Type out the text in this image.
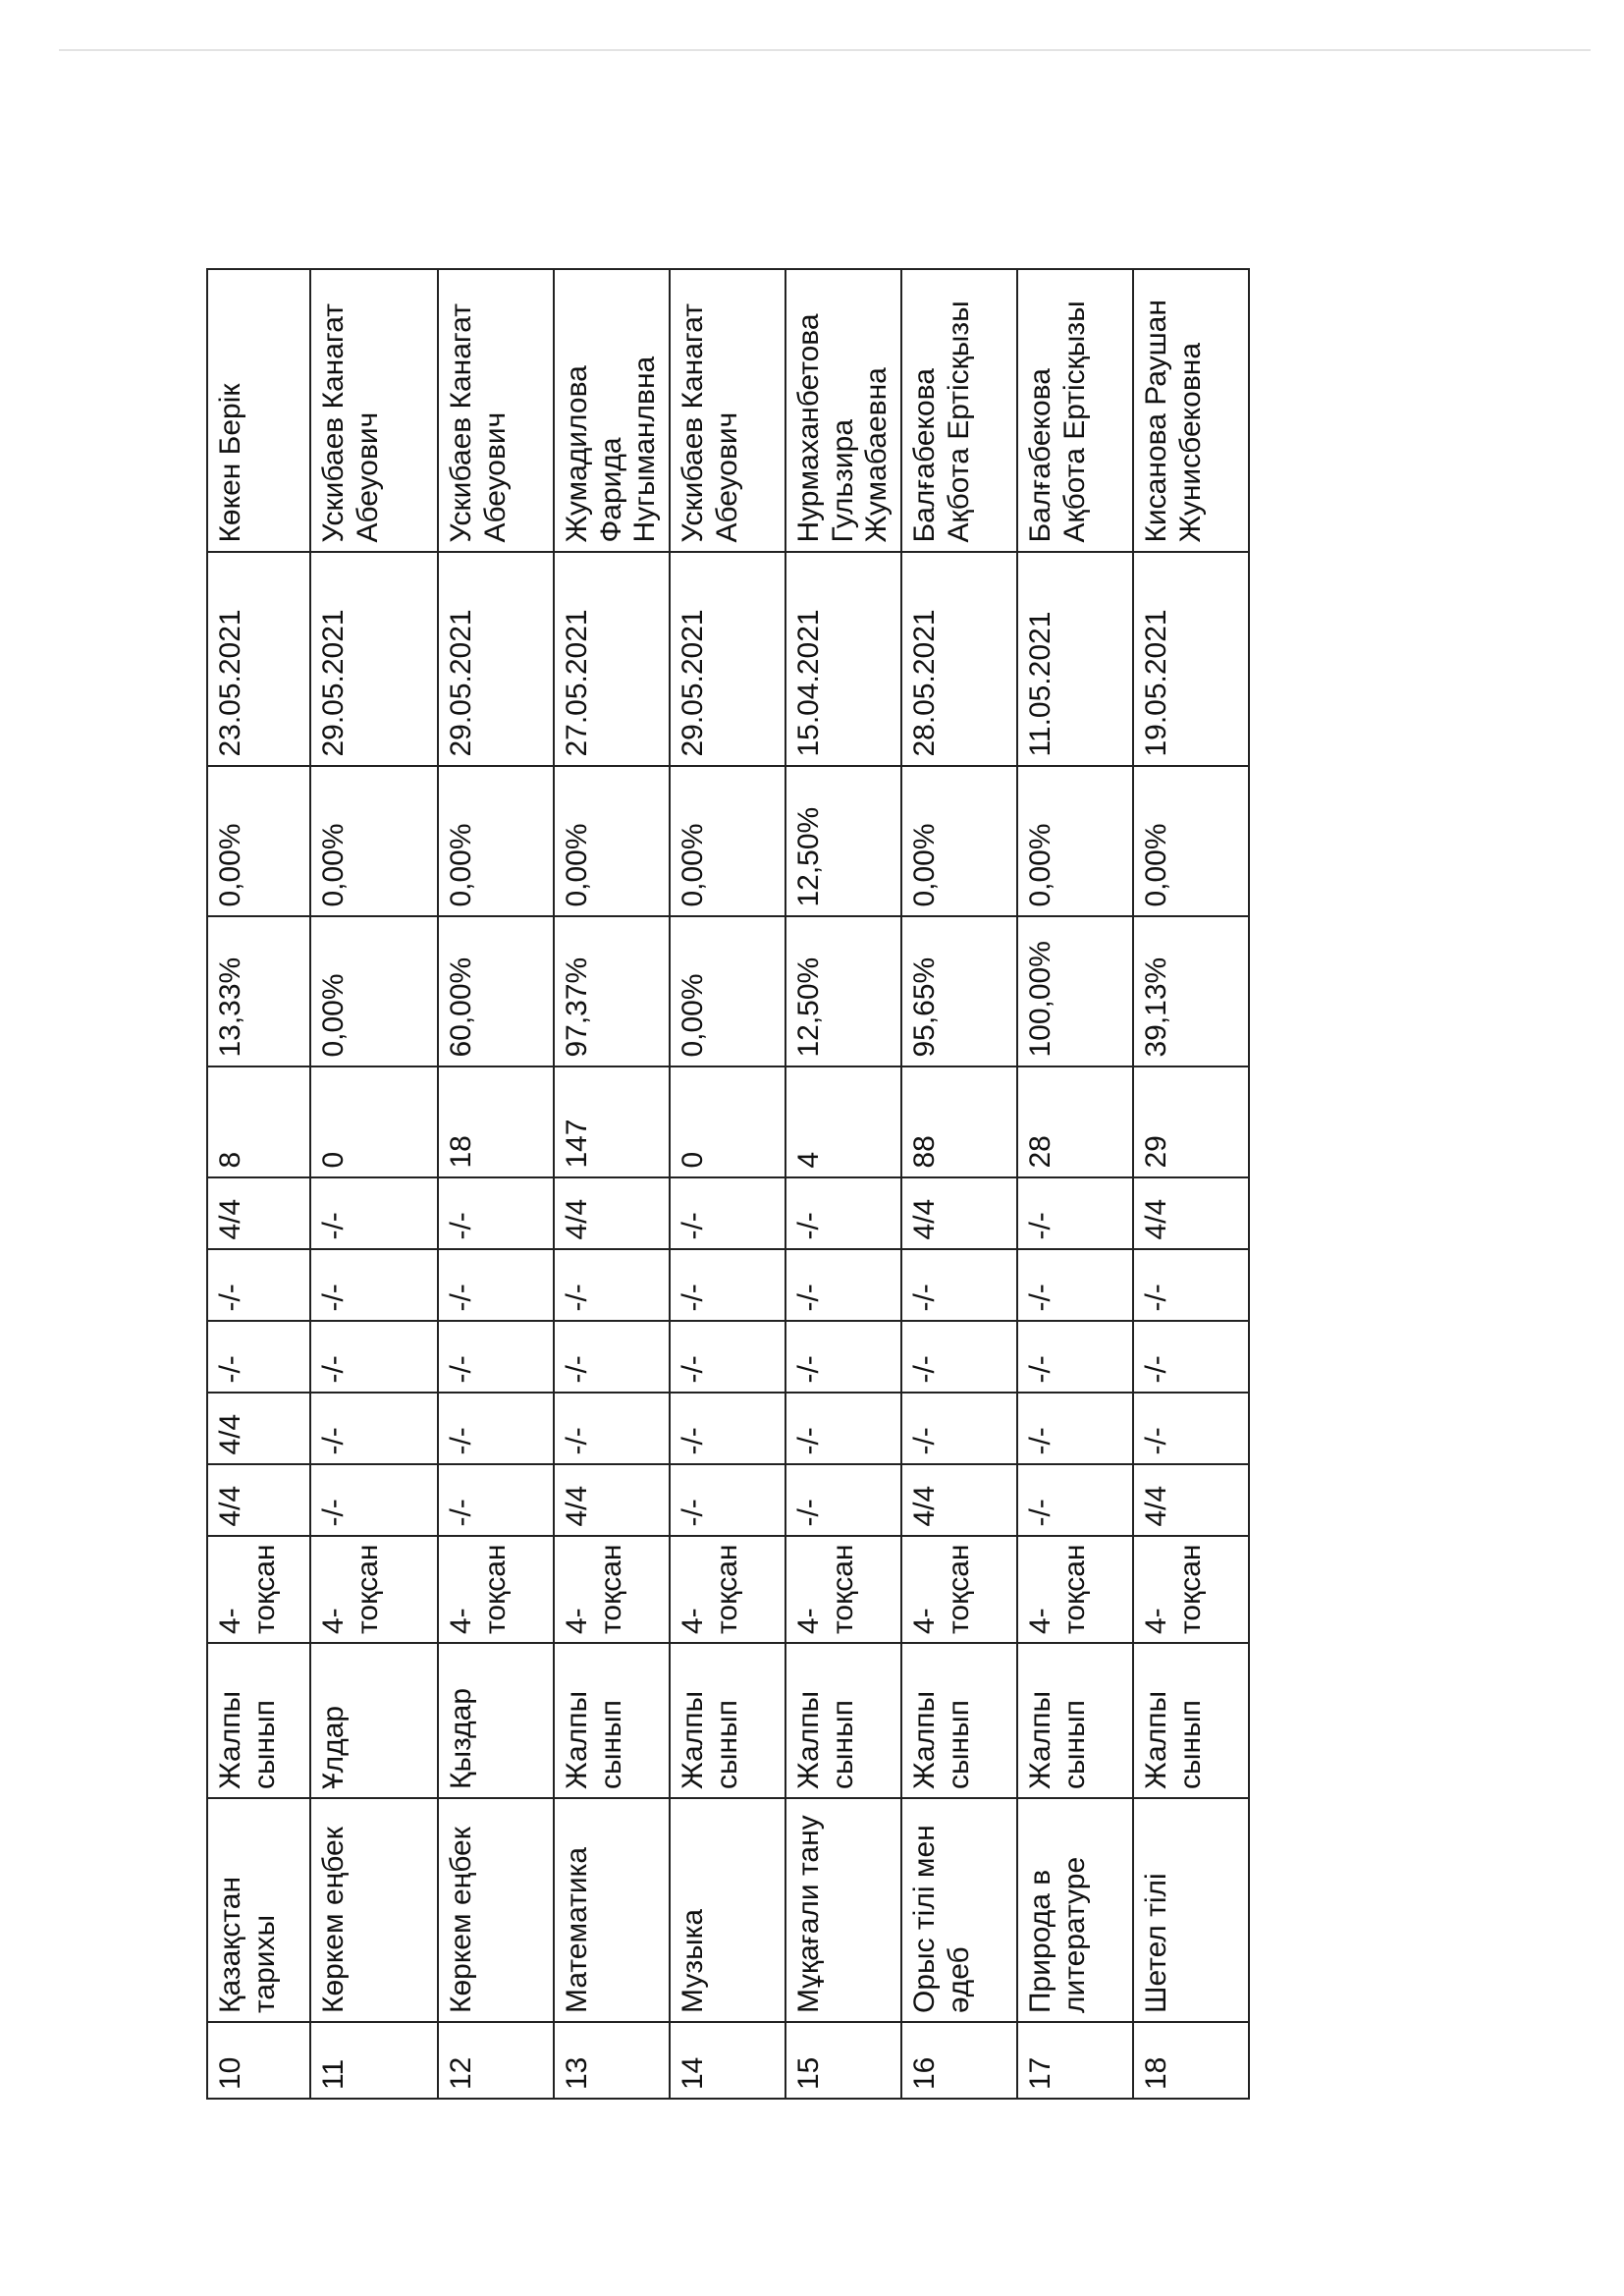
10	Қазақстан тарихы	Жалпы сынып	4-тоқсан	4/4	4/4	-/-	-/-	4/4	8	13,33%	0,00%	23.05.2021	Көкен Берік
11	Көркем еңбек	Ұлдар	4-тоқсан	-/-	-/-	-/-	-/-	-/-	0	0,00%	0,00%	29.05.2021	Ускибаев Канагат Абеуович
12	Көркем еңбек	Қыздар	4-тоқсан	-/-	-/-	-/-	-/-	-/-	18	60,00%	0,00%	29.05.2021	Ускибаев Канагат Абеуович
13	Математика	Жалпы сынып	4-тоқсан	4/4	-/-	-/-	-/-	4/4	147	97,37%	0,00%	27.05.2021	Жумадилова Фарида Нугыманлвна
14	Музыка	Жалпы сынып	4-тоқсан	-/-	-/-	-/-	-/-	-/-	0	0,00%	0,00%	29.05.2021	Ускибаев Канагат Абеуович
15	Мұқағали тану	Жалпы сынып	4-тоқсан	-/-	-/-	-/-	-/-	-/-	4	12,50%	12,50%	15.04.2021	Нурмаханбетова Гульзира Жумабаевна
16	Орыс тілі мен әдеб	Жалпы сынып	4-тоқсан	4/4	-/-	-/-	-/-	4/4	88	95,65%	0,00%	28.05.2021	Балғабекова Ақбота Ертісқызы
17	Природа в литературе	Жалпы сынып	4-тоқсан	-/-	-/-	-/-	-/-	-/-	28	100,00%	0,00%	11.05.2021	Балғабекова Ақбота Ертісқызы
18	Шетел тілі	Жалпы сынып	4-тоқсан	4/4	-/-	-/-	-/-	4/4	29	39,13%	0,00%	19.05.2021	Кисанова Раушан Жунисбековна
